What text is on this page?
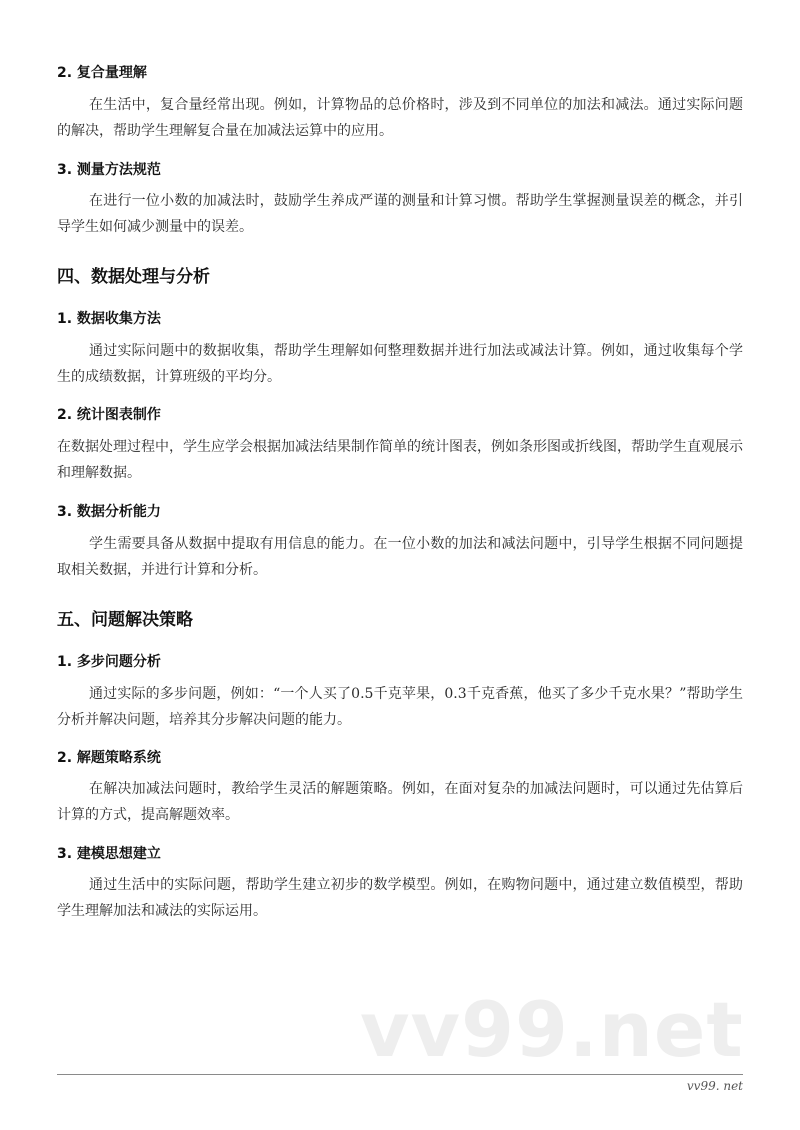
2. 复合量理解

在生活中，复合量经常出现。例如，计算物品的总价格时，涉及到不同单位的加法和减法。通过实际问题的解决，帮助学生理解复合量在加减法运算中的应用。

3. 测量方法规范

在进行一位小数的加减法时，鼓励学生养成严谨的测量和计算习惯。帮助学生掌握测量误差的概念，并引导学生如何减少测量中的误差。

四、数据处理与分析
1. 数据收集方法

通过实际问题中的数据收集，帮助学生理解如何整理数据并进行加法或减法计算。例如，通过收集每个学生的成绩数据，计算班级的平均分。

2. 统计图表制作

在数据处理过程中，学生应学会根据加减法结果制作简单的统计图表，例如条形图或折线图，帮助学生直观展示和理解数据。

3. 数据分析能力

学生需要具备从数据中提取有用信息的能力。在一位小数的加法和减法问题中，引导学生根据不同问题提取相关数据，并进行计算和分析。

五、问题解决策略
1. 多步问题分析

通过实际的多步问题，例如：“一个人买了0.5千克苹果，0.3千克香蕉，他买了多少千克水果？”帮助学生分析并解决问题，培养其分步解决问题的能力。

2. 解题策略系统

在解决加减法问题时，教给学生灵活的解题策略。例如，在面对复杂的加减法问题时，可以通过先估算后计算的方式，提高解题效率。

3. 建模思想建立

通过生活中的实际问题，帮助学生建立初步的数学模型。例如，在购物问题中，通过建立数值模型，帮助学生理解加法和减法的实际运用。

vv99.net
vv99. net
